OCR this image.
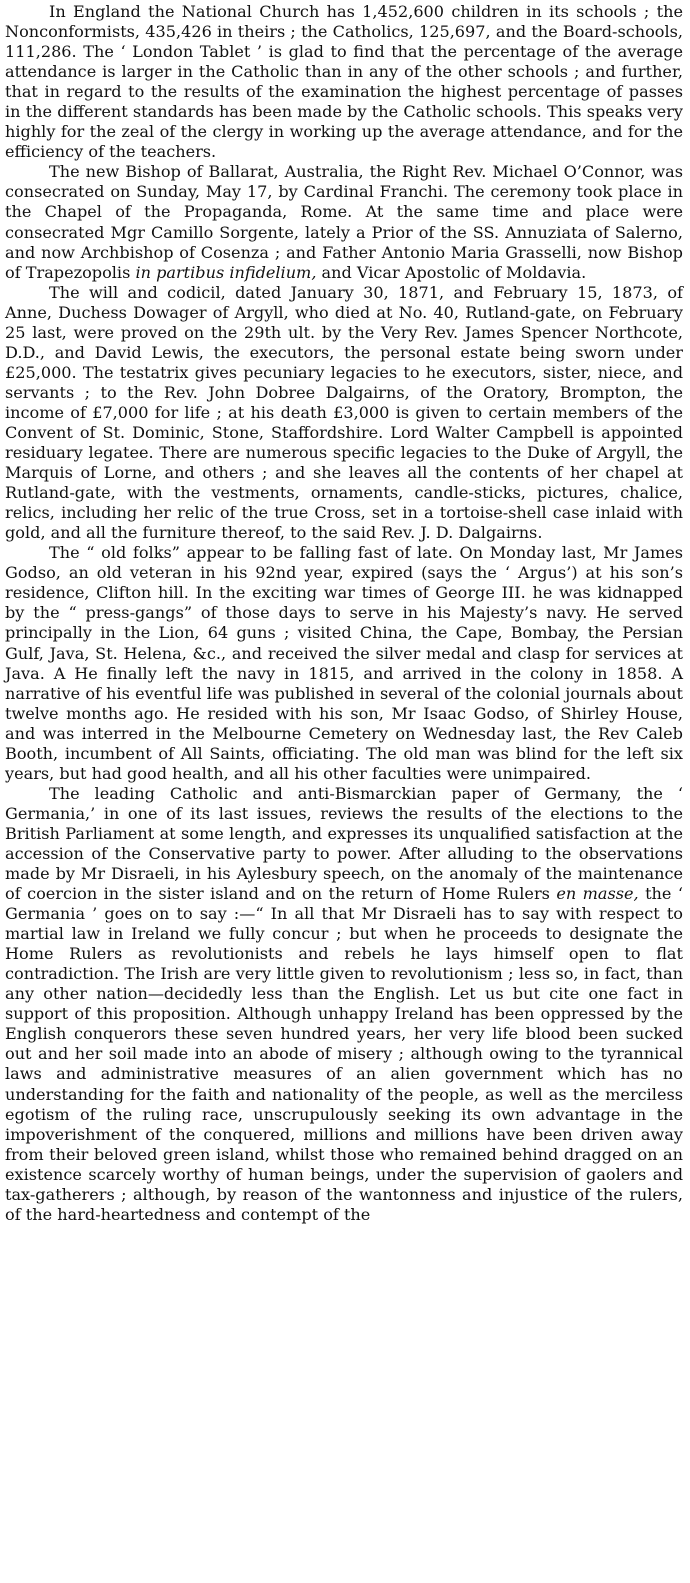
In England the National Church has 1,452,600 children in its schools ; the Nonconformists, 435,426 in theirs ; the Catholics, 125,697, and the Board-schools, 111,286. The ‘ London Tablet ’ is glad to find that the percentage of the average attendance is larger in the Catholic than in any of the other schools ; and further, that in regard to the results of the examination the highest percentage of passes in the different standards has been made by the Catholic schools. This speaks very highly for the zeal of the clergy in working up the average attendance, and for the efficiency of the teachers.

The new Bishop of Ballarat, Australia, the Right Rev. Michael O’Connor, was consecrated on Sunday, May 17, by Cardinal Franchi. The ceremony took place in the Chapel of the Propaganda, Rome. At the same time and place were consecrated Mgr Camillo Sorgente, lately a Prior of the SS. Annuziata of Salerno, and now Archbishop of Cosenza ; and Father Antonio Maria Grasselli, now Bishop of Trapezopolis in partibus infidelium, and Vicar Apostolic of Moldavia.

The will and codicil, dated January 30, 1871, and February 15, 1873, of Anne, Duchess Dowager of Argyll, who died at No. 40, Rutland-gate, on February 25 last, were proved on the 29th ult. by the Very Rev. James Spencer Northcote, D.D., and David Lewis, the executors, the personal estate being sworn under £25,000. The testatrix gives pecuniary legacies to he executors, sister, niece, and servants ; to the Rev. John Dobree Dalgairns, of the Oratory, Brompton, the income of £7,000 for life ; at his death £3,000 is given to certain members of the Convent of St. Dominic, Stone, Staffordshire. Lord Walter Campbell is appointed residuary legatee. There are numerous specific legacies to the Duke of Argyll, the Marquis of Lorne, and others ; and she leaves all the contents of her chapel at Rutland-gate, with the vestments, ornaments, candle-sticks, pictures, chalice, relics, including her relic of the true Cross, set in a tortoise-shell case inlaid with gold, and all the furniture thereof, to the said Rev. J. D. Dalgairns.

The “ old folks” appear to be falling fast of late. On Monday last, Mr James Godso, an old veteran in his 92nd year, expired (says the ‘ Argus’) at his son’s residence, Clifton hill. In the exciting war times of George III. he was kidnapped by the “ press-gangs” of those days to serve in his Majesty’s navy. He served principally in the Lion, 64 guns ; visited China, the Cape, Bombay, the Persian Gulf, Java, St. Helena, &c., and received the silver medal and clasp for services at Java. A He finally left the navy in 1815, and arrived in the colony in 1858. A narrative of his eventful life was published in several of the colonial journals about twelve months ago. He resided with his son, Mr Isaac Godso, of Shirley House, and was interred in the Melbourne Cemetery on Wednesday last, the Rev Caleb Booth, incumbent of All Saints, officiating. The old man was blind for the left six years, but had good health, and all his other faculties were unimpaired.

The leading Catholic and anti-Bismarckian paper of Germany, the ‘ Germania,’ in one of its last issues, reviews the results of the elections to the British Parliament at some length, and expresses its unqualified satisfaction at the accession of the Conservative party to power. After alluding to the observations made by Mr Disraeli, in his Aylesbury speech, on the anomaly of the maintenance of coercion in the sister island and on the return of Home Rulers en masse, the ‘ Germania ’ goes on to say :—“ In all that Mr Disraeli has to say with respect to martial law in Ireland we fully concur ; but when he proceeds to designate the Home Rulers as revolutionists and rebels he lays himself open to flat contradiction. The Irish are very little given to revolutionism ; less so, in fact, than any other nation—decidedly less than the English. Let us but cite one fact in support of this proposition. Although unhappy Ireland has been oppressed by the English conquerors these seven hundred years, her very life blood been sucked out and her soil made into an abode of misery ; although owing to the tyrannical laws and administrative measures of an alien government which has no understanding for the faith and nationality of the people, as well as the merciless egotism of the ruling race, unscrupulously seeking its own advantage in the impoverishment of the conquered, millions and millions have been driven away from their beloved green island, whilst those who remained behind dragged on an existence scarcely worthy of human beings, under the supervision of gaolers and tax-gatherers ; although, by reason of the wantonness and injustice of the rulers, of the hard-heartedness and contempt of the
